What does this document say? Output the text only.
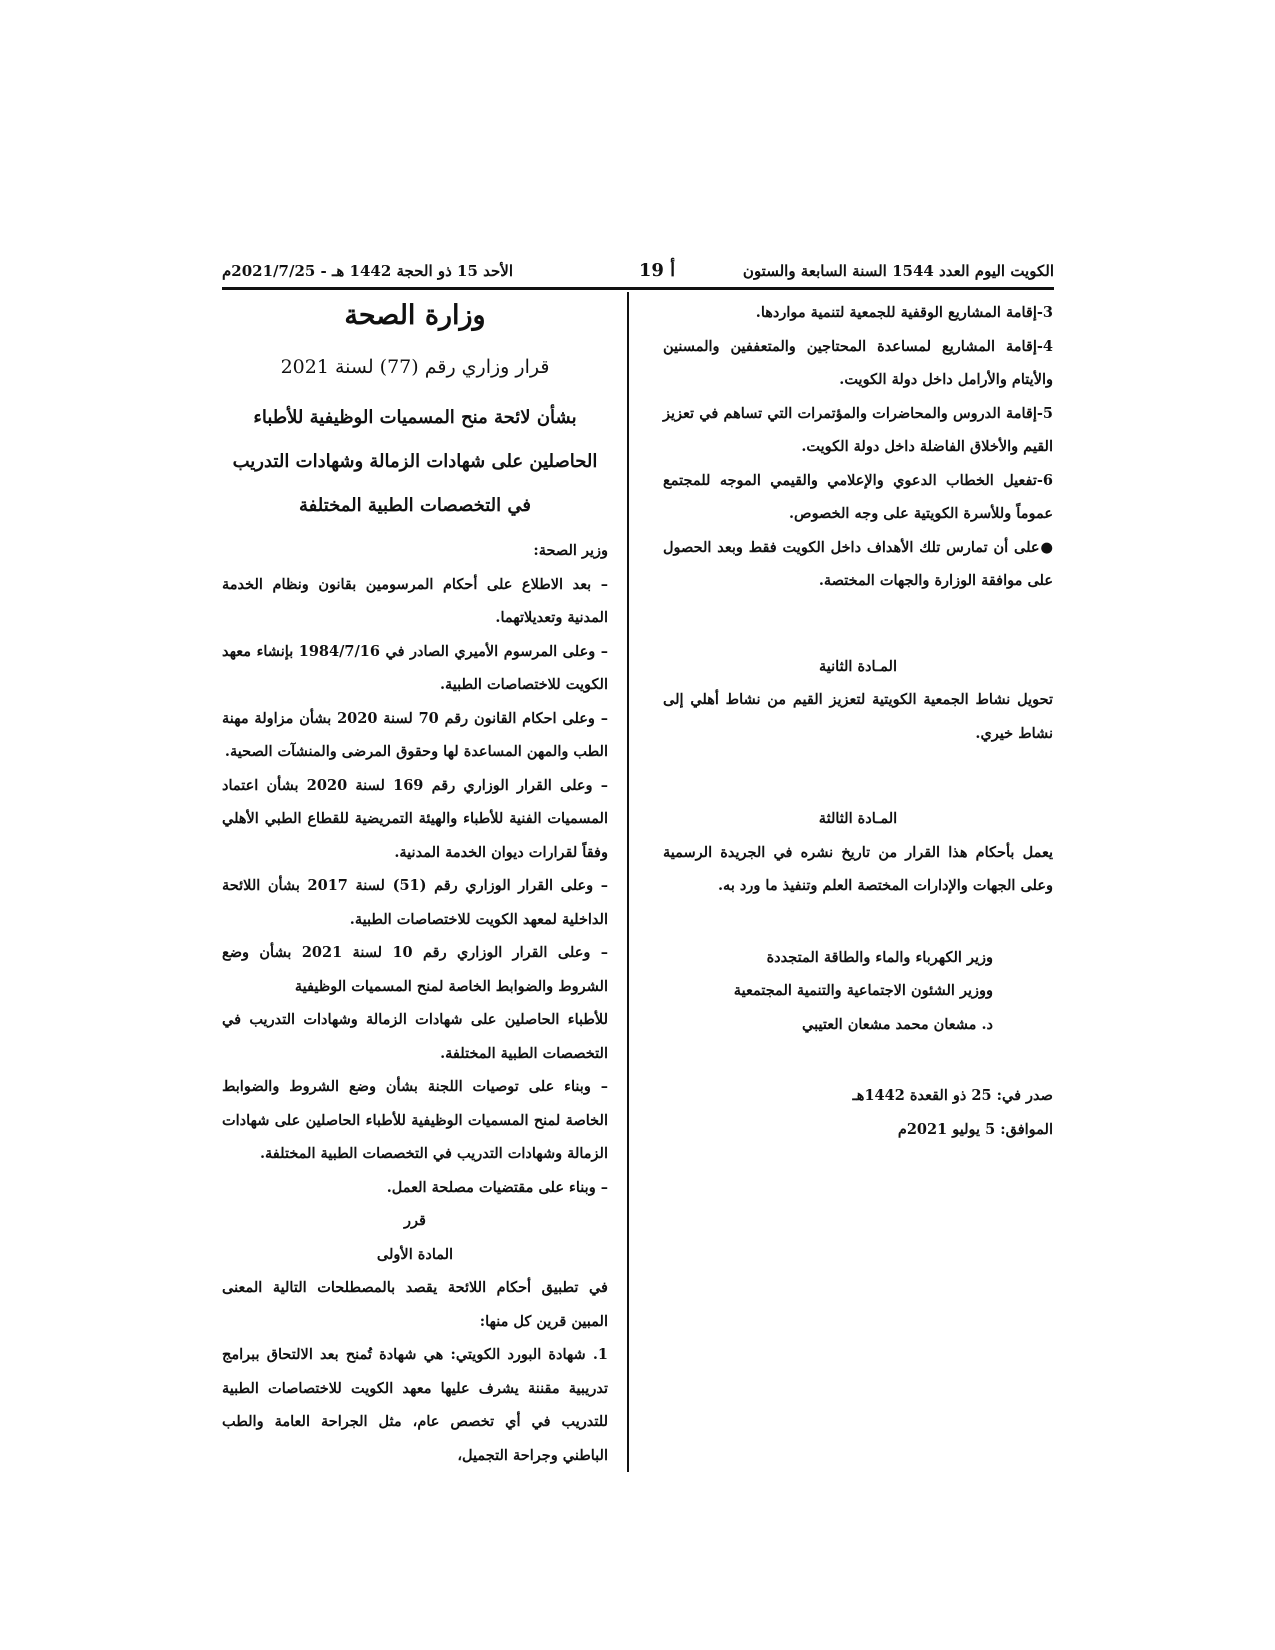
الكويت اليوم العدد 1544 السنة السابعة والستون
أ 19
الأحد 15 ذو الحجة 1442 هـ - 2021/7/25م

3-إقامة المشاريع الوقفية للجمعية لتنمية مواردها.

4-إقامة المشاريع لمساعدة المحتاجين والمتعففين والمسنين والأيتام والأرامل داخل دولة الكويت.

5-إقامة الدروس والمحاضرات والمؤتمرات التي تساهم في تعزيز القيم والأخلاق الفاضلة داخل دولة الكويت.

6-تفعيل الخطاب الدعوي والإعلامي والقيمي الموجه للمجتمع عموماً وللأسرة الكويتية على وجه الخصوص.

●على أن تمارس تلك الأهداف داخل الكويت فقط وبعد الحصول على موافقة الوزارة والجهات المختصة.

المـادة الثانية

تحويل نشاط الجمعية الكويتية لتعزيز القيم من نشاط أهلي إلى نشاط خيري.

المـادة الثالثة

يعمل بأحكام هذا القرار من تاريخ نشره في الجريدة الرسمية وعلى الجهات والإدارات المختصة العلم وتنفيذ ما ورد به.

وزير الكهرباء والماء والطاقة المتجددة

ووزير الشئون الاجتماعية والتنمية المجتمعية

د. مشعان محمد مشعان العتيبي

صدر في: 25 ذو القعدة 1442هـ

الموافق: 5 يوليو 2021م

وزارة الصحة

قرار وزاري رقم (77) لسنة 2021

بشأن لائحة منح المسميات الوظيفية للأطباء الحاصلين على شهادات الزمالة وشهادات التدريب في التخصصات الطبية المختلفة

وزير الصحة:

– بعد الاطلاع على أحكام المرسومين بقانون ونظام الخدمة المدنية وتعديلاتهما.

– وعلى المرسوم الأميري الصادر في 1984/7/16 بإنشاء معهد الكويت للاختصاصات الطبية.

– وعلى احكام القانون رقم 70 لسنة 2020 بشأن مزاولة مهنة الطب والمهن المساعدة لها وحقوق المرضى والمنشآت الصحية.

– وعلى القرار الوزاري رقم 169 لسنة 2020 بشأن اعتماد المسميات الفنية للأطباء والهيئة التمريضية للقطاع الطبي الأهلي وفقاً لقرارات ديوان الخدمة المدنية.

– وعلى القرار الوزاري رقم (51) لسنة 2017 بشأن اللائحة الداخلية لمعهد الكويت للاختصاصات الطبية.

– وعلى القرار الوزاري رقم 10 لسنة 2021 بشأن وضع الشروط والضوابط الخاصة لمنح المسميات الوظيفية

للأطباء الحاصلين على شهادات الزمالة وشهادات التدريب في التخصصات الطبية المختلفة.

– وبناء على توصيات اللجنة بشأن وضع الشروط والضوابط الخاصة لمنح المسميات الوظيفية للأطباء الحاصلين على شهادات الزمالة وشهادات التدريب في التخصصات الطبية المختلفة.

– وبناء على مقتضيات مصلحة العمل.

قرر

المادة الأولى

في تطبيق أحكام اللائحة يقصد بالمصطلحات التالية المعنى المبين قرين كل منها:

1. شهادة البورد الكويتي: هي شهادة تُمنح بعد الالتحاق ببرامج تدريبية مقننة يشرف عليها معهد الكويت للاختصاصات الطبية للتدريب في أي تخصص عام، مثل الجراحة العامة والطب الباطني وجراحة التجميل،
